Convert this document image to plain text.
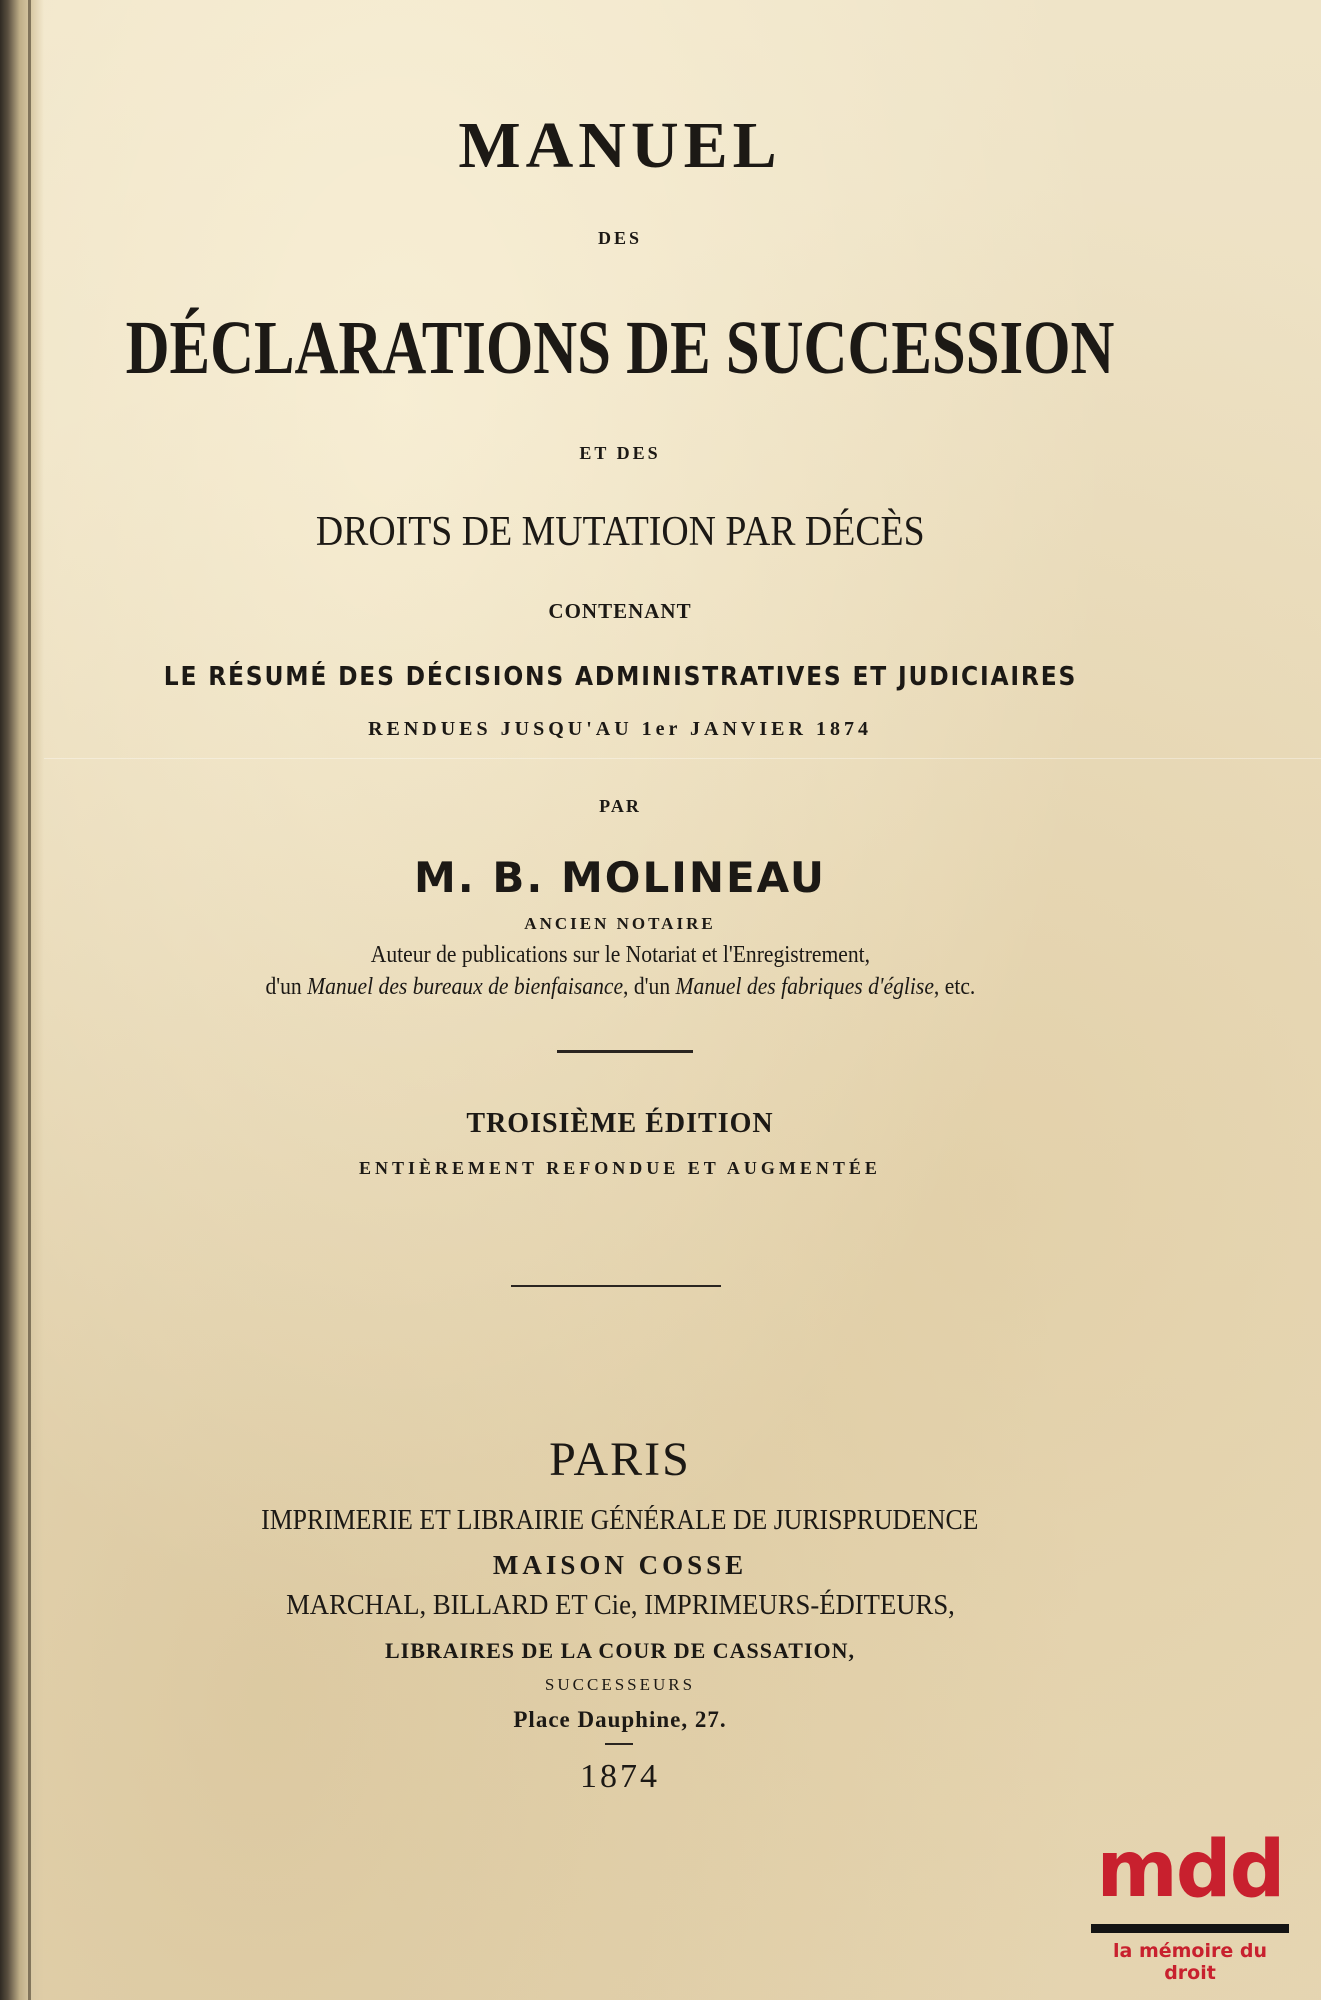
MANUEL
DES
DÉCLARATIONS DE SUCCESSION
ET DES
DROITS DE MUTATION PAR DÉCÈS
CONTENANT
LE RÉSUMÉ DES DÉCISIONS ADMINISTRATIVES ET JUDICIAIRES
RENDUES JUSQU'AU 1er JANVIER 1874
PAR
M. B. MOLINEAU
ANCIEN NOTAIRE
Auteur de publications sur le Notariat et l'Enregistrement,
d'un Manuel des bureaux de bienfaisance, d'un Manuel des fabriques d'église, etc.
TROISIÈME ÉDITION
ENTIÈREMENT REFONDUE ET AUGMENTÉE
PARIS
IMPRIMERIE ET LIBRAIRIE GÉNÉRALE DE JURISPRUDENCE
MAISON COSSE
MARCHAL, BILLARD ET Cie, IMPRIMEURS-ÉDITEURS,
LIBRAIRES DE LA COUR DE CASSATION,
SUCCESSEURS
Place Dauphine, 27.
1874
mdd
la mémoire du droit
